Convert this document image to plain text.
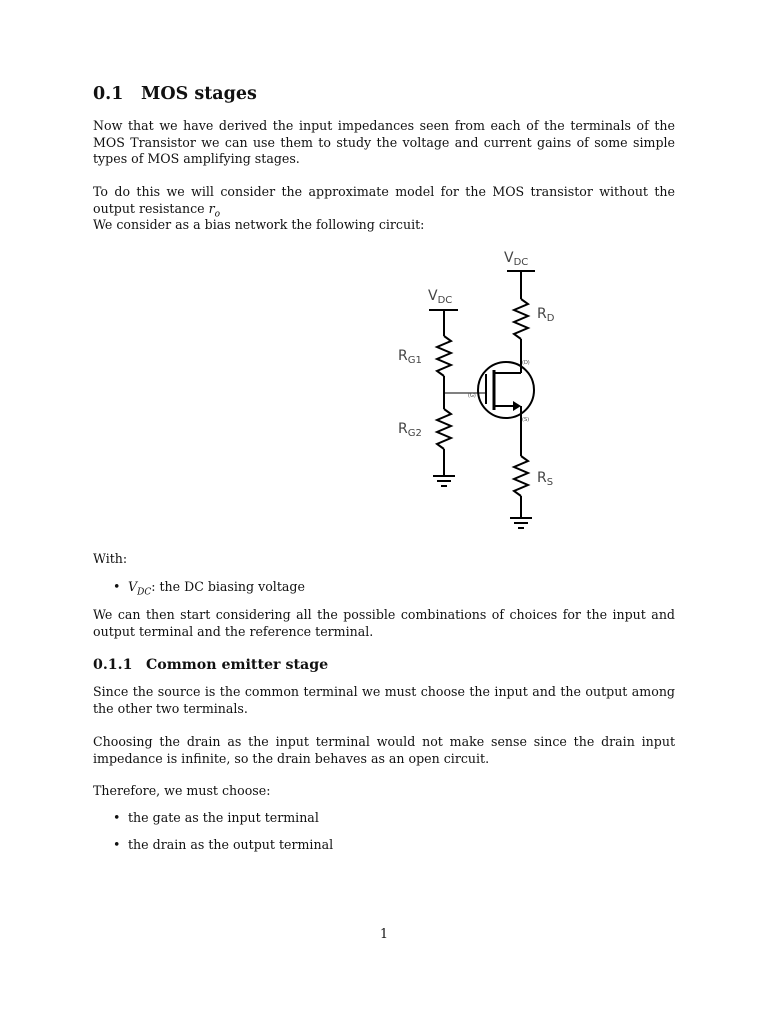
0.1 MOS stages

Now that we have derived the input impedances seen from each of the terminals of the MOS Transistor we can use them to study the voltage and current gains of some simple types of MOS amplifying stages.

To do this we will consider the approximate model for the MOS transistor without the output resistance $r_o$

We consider as a bias network the following circuit:

$V_{DC}$
$V_{DC}$
$R_{G1}$
$R_{G2}$
$R_D$
$R_S$
(D)
(G)
(S)

With:

• $V_{DC}$: the DC biasing voltage

We can then start considering all the possible combinations of choices for the input and output terminal and the reference terminal.

0.1.1 Common emitter stage

Since the source is the common terminal we must choose the input and the output among the other two terminals.

Choosing the drain as the input terminal would not make sense since the drain input impedance is infinite, so the drain behaves as an open circuit.

Therefore, we must choose:

• the gate as the input terminal
• the drain as the output terminal
1
